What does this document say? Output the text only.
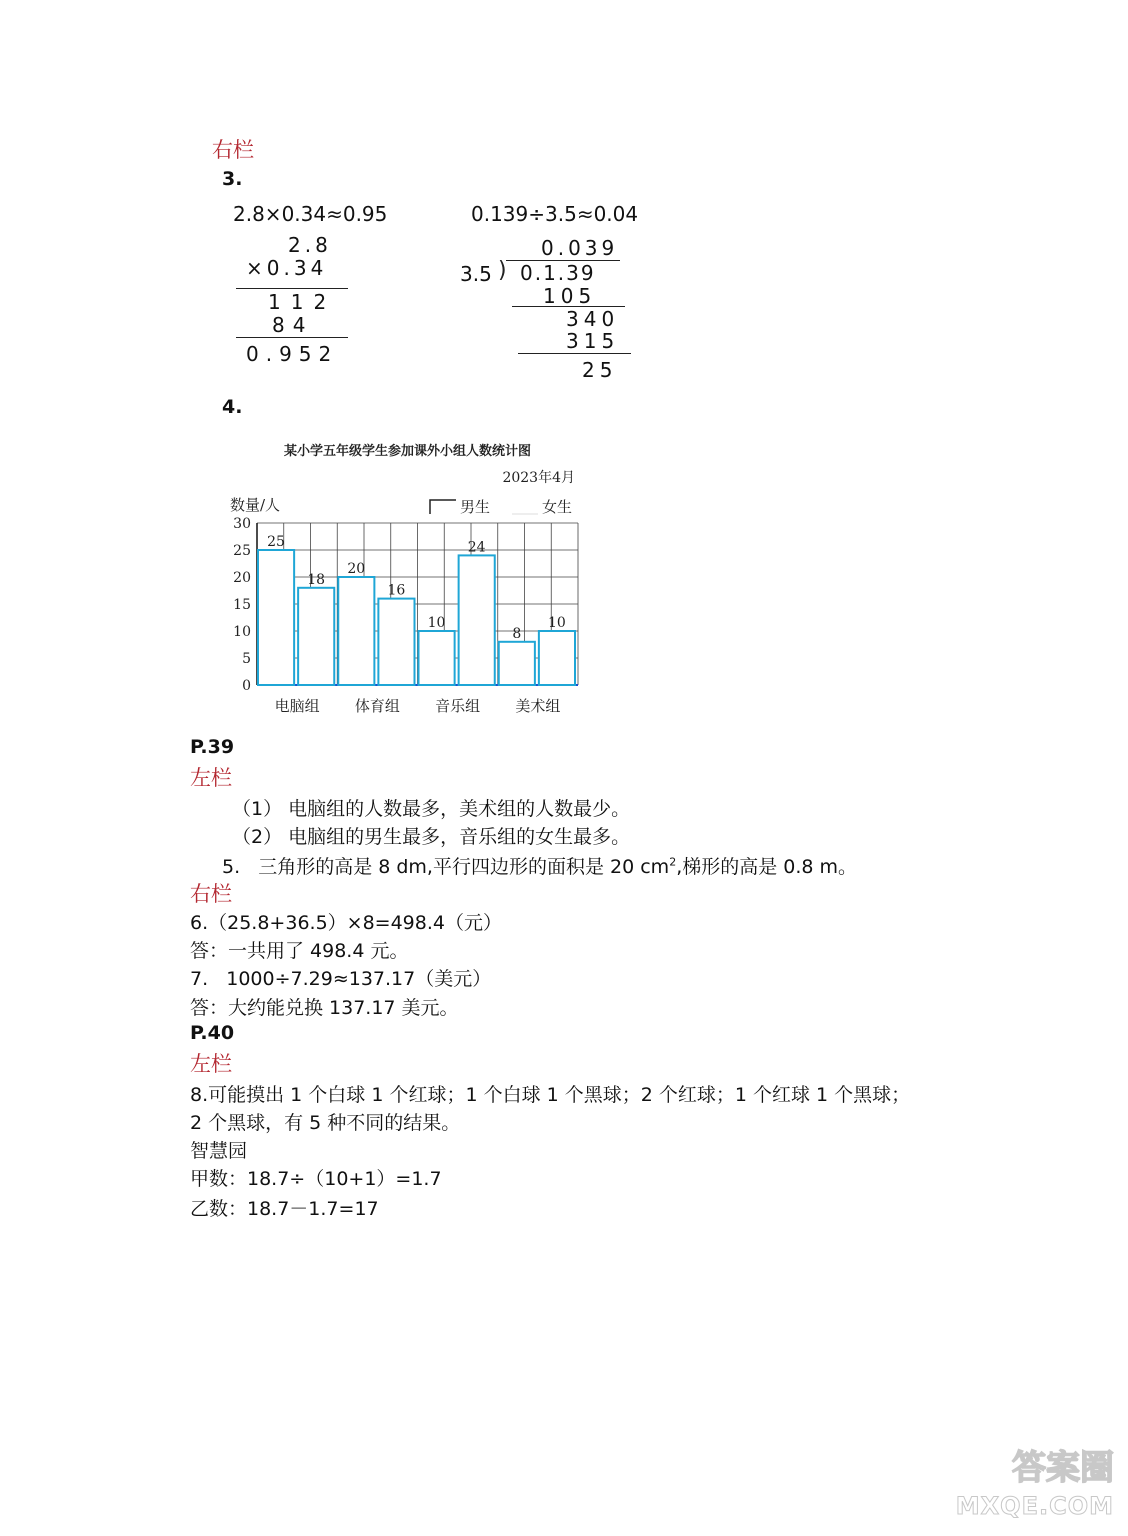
右栏
3.
2.8×0.34≈0.95
2.8
×0.34
112
84
0.952
0.139÷3.5≈0.04
0.039
)
3.5 0.1.39
105
340
315
25
4.
某小学五年级学生参加课外小组人数统计图
2023年4月
数量/人	男生	女生
0
5
10
15
20
25
30
25
18
电脑组
20
16
体育组
10
24
音乐组
8
10
美术组
P.39
左栏
（1） 电脑组的人数最多，美术组的人数最少。
（2） 电脑组的男生最多，音乐组的女生最多。
5. 三角形的高是 8 dm,平行四边形的面积是 20 $cm^2$,梯形的高是 0.8 m。
右栏
6.（25.8+36.5）×8=498.4（元）
答：一共用了 498.4 元。
7.   1000÷7.29≈137.17（美元）
答：大约能兑换 137.17 美元。
P.40
左栏
8.可能摸出 1 个白球 1 个红球；1 个白球 1 个黑球；2 个红球；1 个红球 1 个黑球；
2 个黑球，有 5 种不同的结果。
智慧园
甲数：18.7÷（10+1）=1.7
乙数：18.7－1.7=17
答案圈
MXQE.COM
